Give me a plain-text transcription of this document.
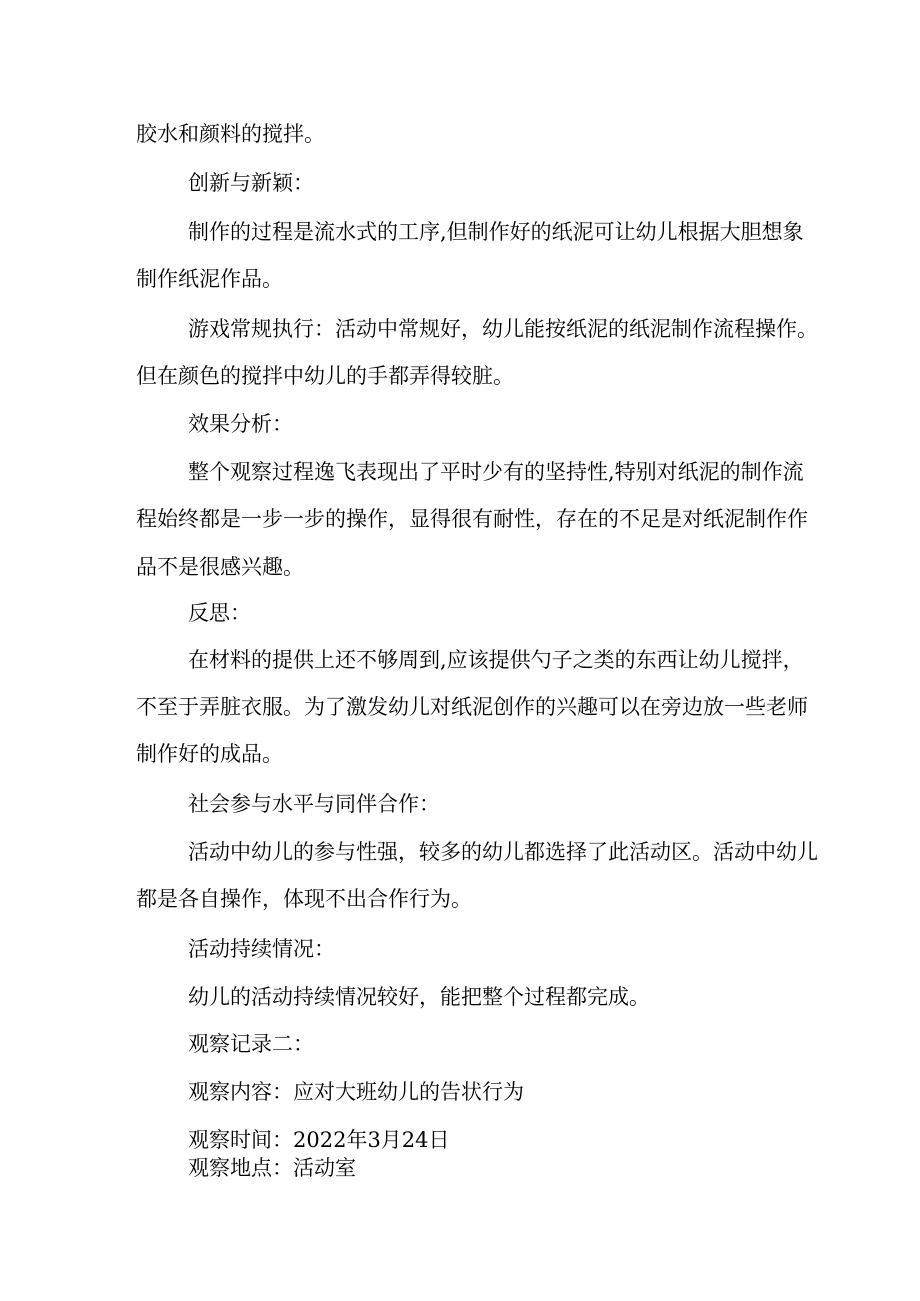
胶水和颜料的搅拌。
创新与新颖：
制作的过程是流水式的工序,但制作好的纸泥可让幼儿根据大胆想象
制作纸泥作品。
游戏常规执行：活动中常规好，幼儿能按纸泥的纸泥制作流程操作。
但在颜色的搅拌中幼儿的手都弄得较脏。
效果分析：
整个观察过程逸飞表现出了平时少有的坚持性,特别对纸泥的制作流
程始终都是一步一步的操作，显得很有耐性，存在的不足是对纸泥制作作
品不是很感兴趣。
反思：
在材料的提供上还不够周到,应该提供勺子之类的东西让幼儿搅拌，
不至于弄脏衣服。为了激发幼儿对纸泥创作的兴趣可以在旁边放一些老师
制作好的成品。
社会参与水平与同伴合作：
活动中幼儿的参与性强，较多的幼儿都选择了此活动区。活动中幼儿
都是各自操作，体现不出合作行为。
活动持续情况：
幼儿的活动持续情况较好，能把整个过程都完成。
观察记录二：
观察内容：应对大班幼儿的告状行为
观察时间：2022年3月24日
观察地点：活动室
